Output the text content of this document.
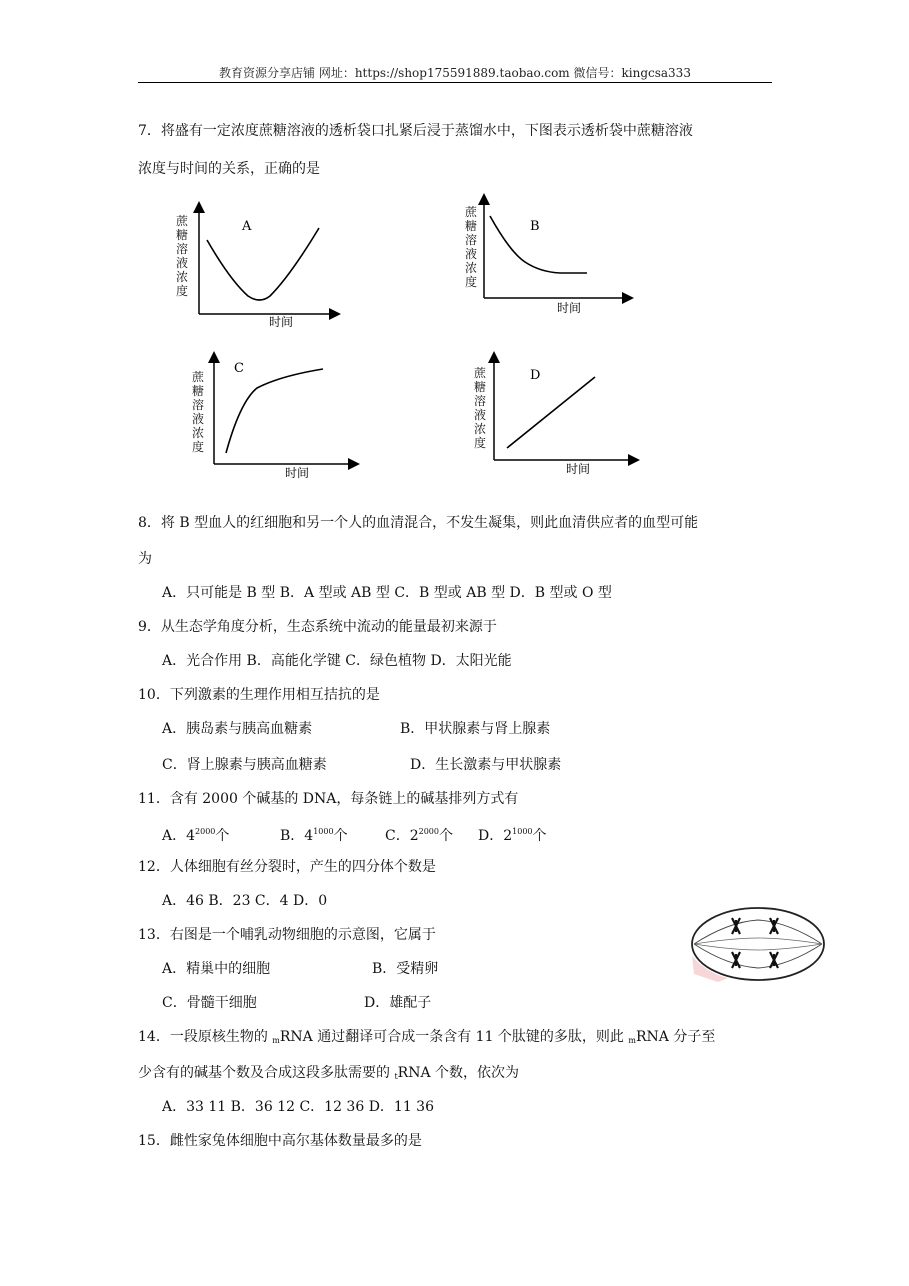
教育资源分享店铺 网址：https://shop175591889.taobao.com 微信号：kingcsa333
7．将盛有一定浓度蔗糖溶液的透析袋口扎紧后浸于蒸馏水中，下图表示透析袋中蔗糖溶液
浓度与时间的关系，正确的是
A
时间
蔗糖溶液浓度
B
时间
蔗糖溶液浓度
C
时间
蔗糖溶液浓度
D
时间
蔗糖溶液浓度
8．将 B 型血人的红细胞和另一个人的血清混合，不发生凝集，则此血清供应者的血型可能
为
A．只可能是 B 型 B．A 型或 AB 型 C．B 型或 AB 型 D．B 型或 O 型
9．从生态学角度分析，生态系统中流动的能量最初来源于
A．光合作用 B．高能化学键 C．绿色植物 D．太阳光能
10．下列激素的生理作用相互拮抗的是
A．胰岛素与胰高血糖素	B．甲状腺素与肾上腺素
C．肾上腺素与胰高血糖素	D．生长激素与甲状腺素
11．含有 2000 个碱基的 DNA，每条链上的碱基排列方式有
A．$4^{2000}$个	B．$4^{1000}$个	C．$2^{2000}$个 D．$2^{1000}$个
12．人体细胞有丝分裂时，产生的四分体个数是
A．46 B．23 C．4 D．0
13．右图是一个哺乳动物细胞的示意图，它属于
A．精巢中的细胞	B．受精卵
C．骨髓干细胞	D．雄配子
14．一段原核生物的 $_m$RNA 通过翻译可合成一条含有 11 个肽键的多肽，则此 $_m$RNA 分子至
少含有的碱基个数及合成这段多肽需要的 $_t$RNA 个数，依次为
A．33 11 B．36 12 C．12 36 D．11 36
15．雌性家兔体细胞中高尔基体数量最多的是
